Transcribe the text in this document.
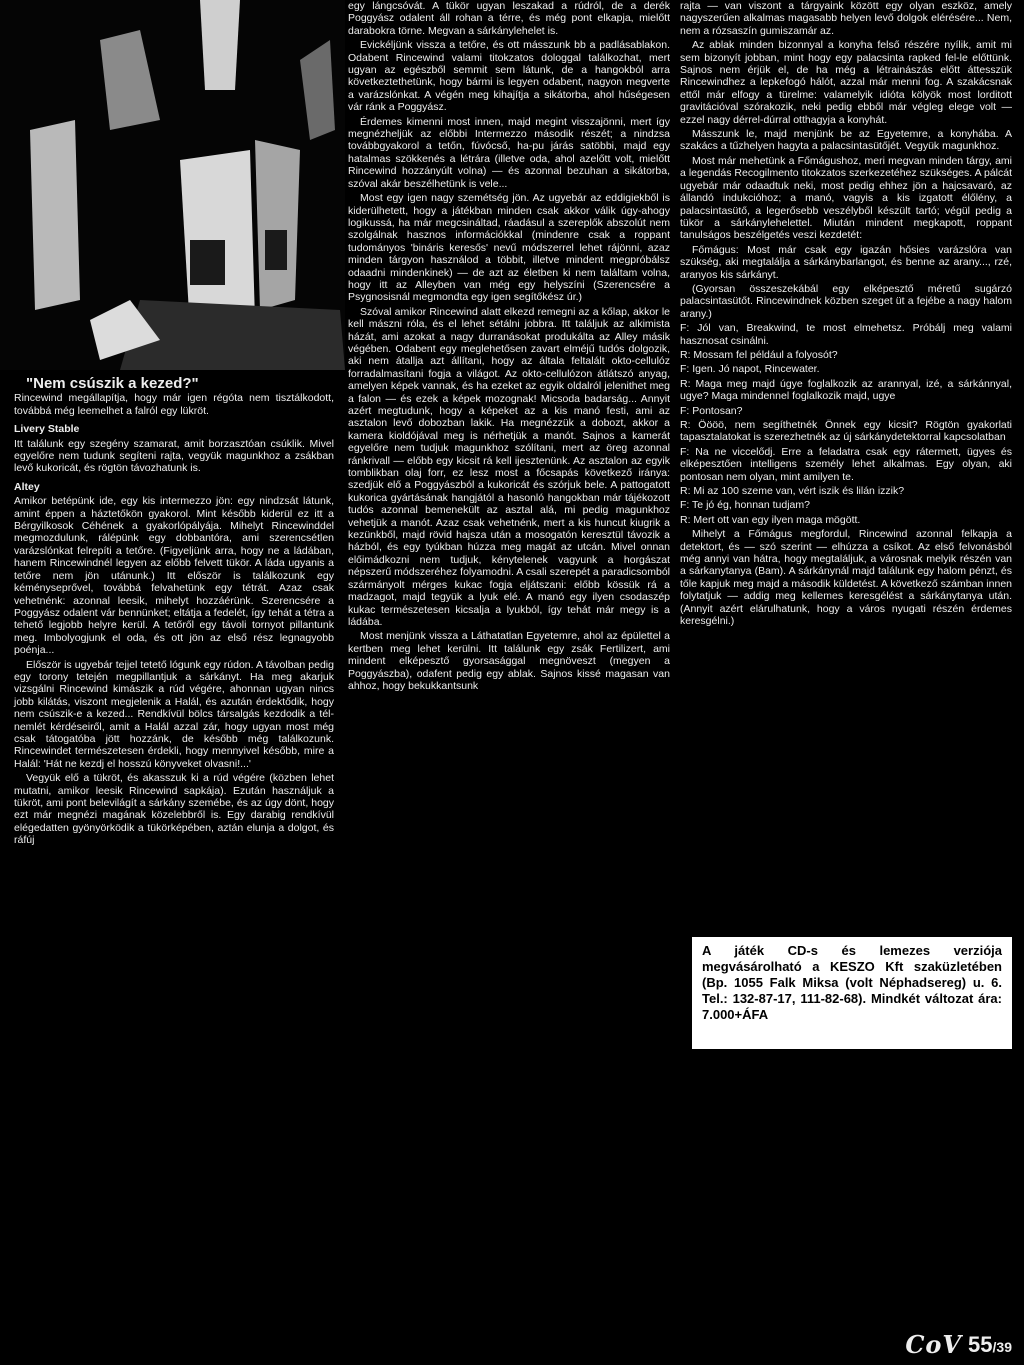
"Nem csúszik a kezed?"

Rincewind megállapítja, hogy már igen régóta nem tisztálkodott, továbbá még leemelhet a falról egy lükröt.

Livery Stable

Itt találunk egy szegény szamarat, amit borzasztóan csúklik. Mivel egyelőre nem tudunk segíteni rajta, vegyük magunkhoz a zsákban levő kukoricát, és rögtön távozhatunk is.

Altey

Amikor betépünk ide, egy kis intermezzo jön: egy nindzsát látunk, amint éppen a háztetőkön gyakorol. Mint később kiderül ez itt a Bérgyilkosok Céhének a gyakorlópályája. Mihelyt Rincewinddel megmozdulunk, rálépünk egy dobbantóra, ami szerencsétlen varázslónkat felrepíti a tetőre. (Figyeljünk arra, hogy ne a ládában, hanem Rincewindnél legyen az előbb felvett tükör. A láda ugyanis a tetőre nem jön utánunk.) Itt először is találkozunk egy kéményseprővel, továbbá felvahetünk egy tétrát. Azaz csak vehetnénk: azonnal leesik, mihelyt hozzáérünk. Szerencsére a Poggyász odalent vár bennünket; eltátja a fedelét, így tehát a tétra a tehető legjobb helyre kerül. A tetőről egy távoli tornyot pillantunk meg. Imbolyogjunk el oda, és ott jön az első rész legnagyobb poénja...

Először is ugyebár tejjel tetető lógunk egy rúdon. A távolban pedig egy torony tetején megpillantjuk a sárkányt. Ha meg akarjuk vizsgálni Rincewind kimászik a rúd végére, ahonnan ugyan nincs jobb kilátás, viszont megjelenik a Halál, és azután érdektődik, hogy nem csúszik-e a kezed... Rendkívül bölcs társalgás kezdodik a tél-nemlét kérdéseiről, amit a Halál azzal zár, hogy ugyan most még csak tátogatóba jött hozzánk, de később még találkozunk. Rincewindet természetesen érdekli, hogy mennyivel később, mire a Halál: 'Hát ne kezdj el hosszú könyveket olvasni!...'

Vegyük elő a tükröt, és akasszuk ki a rúd végére (közben lehet mutatni, amikor leesik Rincewind sapkája). Ezután használjuk a tükröt, ami pont belevilágít a sárkány szemébe, és az úgy dönt, hogy ezt már megnézi magának közelebbről is. Egy darabig rendkívül elégedatten gyönyörködik a tükörképében, aztán elunja a dolgot, és ráfúj

egy lángcsóvát. A tükör ugyan leszakad a rúdról, de a derék Poggyász odalent áll rohan a térre, és még pont elkapja, mielőtt darabokra törne. Megvan a sárkánylehelet is.

Evickéljünk vissza a tetőre, és ott másszunk bb a padlásablakon. Odabent Rincewind valami titokzatos dologgal találkozhat, mert ugyan az egészből semmit sem látunk, de a hangokból arra következtethetünk, hogy bármi is legyen odabent, nagyon megverte a varázslónkat. A végén meg kihajítja a sikátorba, ahol hűségesen vár ránk a Poggyász.

Érdemes kimenni most innen, majd megint visszajönni, mert így megnézheljük az előbbi Intermezzo második részét; a nindzsa továbbgyakorol a tetőn, fúvócső, ha-pu járás satöbbi, majd egy hatalmas szökkenés a létrára (illetve oda, ahol azelőtt volt, mielőtt Rincewind hozzányúlt volna) — és azonnal bezuhan a sikátorba, szóval akár beszélhetünk is vele...

Most egy igen nagy szemétség jön. Az ugyebár az eddigiekből is kiderülhetett, hogy a játékban minden csak akkor válik úgy-ahogy logikussá, ha már megcsináltad, ráadásul a szereplők abszolút nem szolgálnak hasznos információkkal (mindenre csak a roppant tudományos 'bináris keresős' nevű módszerrel lehet rájönni, azaz minden tárgyon használod a többit, illetve mindent megpróbálsz odaadni mindenkinek) — de azt az életben ki nem találtam volna, hogy itt az Alleyben van még egy helyszíni (Szerencsére a Psygnosisnál megmondta egy igen segítőkész úr.)

Szóval amikor Rincewind alatt elkezd remegni az a kőlap, akkor le kell mászni róla, és el lehet sétálni jobbra. Itt találjuk az alkimista házát, ami azokat a nagy durranásokat produkálta az Alley másik végében. Odabent egy meglehetősen zavart elméjű tudós dolgozik, aki nem átallja azt állítani, hogy az általa feltalált okto-cellulóz forradalmasítani fogja a világot. Az okto-cellulózon átlátszó anyag, amelyen képek vannak, és ha ezeket az egyik oldalról jelenithet meg a falon — és ezek a képek mozognak! Micsoda badarság... Annyit azért megtudunk, hogy a képeket az a kis manó festi, ami az asztalon levő dobozban lakik. Ha megnézzük a dobozt, akkor a kamera kioldójával meg is nérhetjük a manót. Sajnos a kamerát egyelőre nem tudjuk magunkhoz szólítani, mert az öreg azonnal ránkrivall — előbb egy kicsit rá kell ijesztenünk. Az asztalon az egyik tomblikban olaj forr, ez lesz most a főcsapás következő iránya: szedjük elő a Poggyászból a kukoricát és szórjuk bele. A pattogatott kukorica gyártásának hangjától a hasonló hangokban már tájékozott tudós azonnal bemenekült az asztal alá, mi pedig magunkhoz vehetjük a manót. Azaz csak vehetnénk, mert a kis huncut kiugrik a kezünkből, majd rövid hajsza után a mosogatón keresztül távozik a házból, és egy tyúkban húzza meg magát az utcán. Mivel onnan előimádkozni nem tudjuk, kénytelenek vagyunk a horgászat népszerű módszeréhez folyamodni. A csali szerepét a paradicsomból szármányolt mérges kukac fogja eljátszani: előbb kössük rá a madzagot, majd tegyük a lyuk elé. A manó egy ilyen csodaszép kukac természetesen kicsalja a lyukból, így tehát már megy is a ládába.

Most menjünk vissza a Láthatatlan Egyetemre, ahol az épülettel a kertben meg lehet kerülni. Itt találunk egy zsák Fertilizert, ami mindent elképesztő gyorsasággal megnöveszt (megyen a Poggyászba), odafent pedig egy ablak. Sajnos kissé magasan van ahhoz, hogy bekukkantsunk

rajta — van viszont a tárgyaink között egy olyan eszköz, amely nagyszerűen alkalmas magasabb helyen levő dolgok elérésére... Nem, nem a rózsaszín gumiszamár az.

Az ablak minden bizonnyal a konyha felső részére nyílik, amit mi sem bizonyít jobban, mint hogy egy palacsinta rapked fel-le előttünk. Sajnos nem érjük el, de ha még a létrainászás előtt áttesszük Rincewindhez a lepkefogó hálót, azzal már menni fog. A szakácsnak ettől már elfogy a türelme: valamelyik idióta kölyök most lorditott gravitációval szórakozik, neki pedig ebből már végleg elege volt — ezzel nagy dérrel-dúrral otthagyja a konyhát.

Másszunk le, majd menjünk be az Egyetemre, a konyhába. A szakács a tűzhelyen hagyta a palacsintasütőjét. Vegyük magunkhoz.

Most már mehetünk a Főmágushoz, meri megvan minden tárgy, ami a legendás Recogilmento titokzatos szerkezetéhez szükséges. A pálcát ugyebár már odaadtuk neki, most pedig ehhez jön a hajcsavaró, az állandó indukcióhoz; a manó, vagyis a kis izgatott élőlény, a palacsintasütő, a legerősebb veszélyből készült tartó; végül pedig a tükör a sárkánylehelettel. Miután mindent megkapott, roppant tanulságos beszélgetés veszi kezdetét:

Főmágus: Most már csak egy igazán hősies varázslóra van szükség, aki megtalálja a sárkánybarlangot, és benne az arany..., rzé, aranyos kis sárkányt.

(Gyorsan összeszekábál egy elképesztő méretű sugárzó palacsintasütőt. Rincewindnek közben szeget üt a fejébe a nagy halom arany.)

F: Jól van, Breakwind, te most elmehetsz. Próbálj meg valami hasznosat csinálni.

R: Mossam fel például a folyosót?

F: Igen. Jó napot, Rincewater.

R: Maga meg majd úgye foglalkozik az arannyal, izé, a sárkánnyal, ugye? Maga mindennel foglalkozik majd, ugye

F: Pontosan?

R: Öööö, nem segíthetnék Önnek egy kicsit? Rögtön gyakorlati tapasztalatokat is szerezhetnék az új sárkánydetektorral kapcsolatban

F: Na ne viccelődj. Erre a feladatra csak egy rátermett, ügyes és elképesztően intelligens személy lehet alkalmas. Egy olyan, aki pontosan nem olyan, mint amilyen te.

R: Mi az 100 szeme van, vért iszik és lilán izzik?

F: Te jó ég, honnan tudjam?

R: Mert ott van egy ilyen maga mögött.

Mihelyt a Főmágus megfordul, Rincewind azonnal felkapja a detektort, és — szó szerint — elhúzza a csíkot. Az első felvonásból még annyi van hátra, hogy megtaláljuk, a városnak melyik részén van a sárkanytanya (Bam). A sárkánynál majd találunk egy halom pénzt, és tőle kapjuk meg majd a második küldetést. A következő számban innen folytatjuk — addig meg kellemes keresgélést a sárkánytanya után. (Annyit azért elárulhatunk, hogy a város nyugati részén érdemes keresgélni.)

A játék CD-s és lemezes verziója megvásárolható a KESZO Kft szaküzletében (Bp. 1055 Falk Miksa (volt Néphadsereg) u. 6. Tel.: 132-87-17, 111-82-68). Mindkét változat ára: 7.000+ÁFA
CoV 55/39
